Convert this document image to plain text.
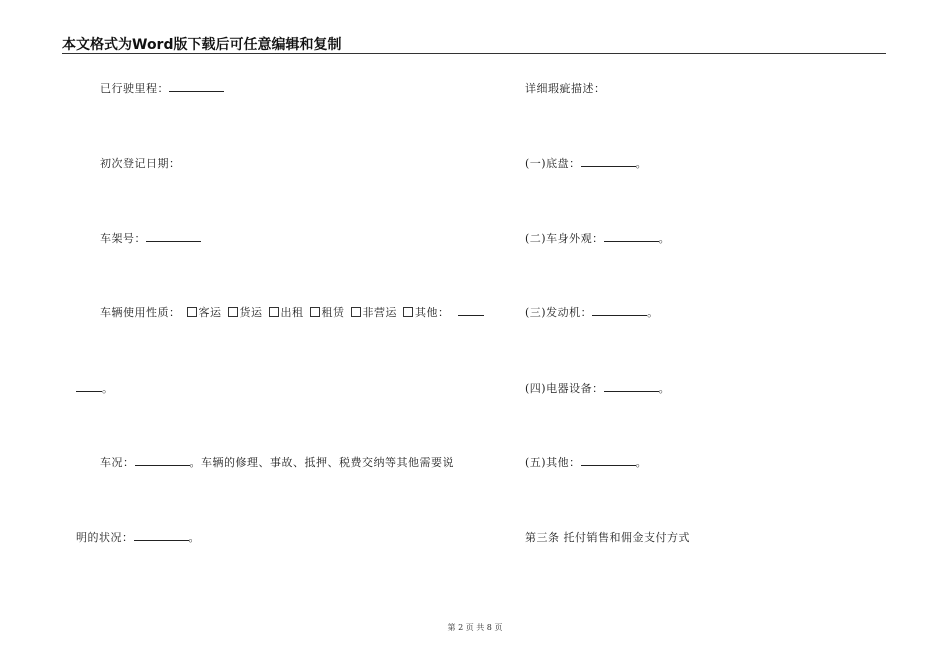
本文格式为Word版下载后可任意编辑和复制
已行驶里程：
初次登记日期：
车架号：
车辆使用性质： 客运 货运 出租 租赁 非营运 其他：
。
车况：	。车辆的修理、事故、抵押、税费交纳等其他需要说
明的状况：	。
详细瑕疵描述：
(一)底盘：	。
(二)车身外观：	。
(三)发动机：	。
(四)电器设备：	。
(五)其他：	。
第三条 托付销售和佣金支付方式
第 2 页 共 8 页
